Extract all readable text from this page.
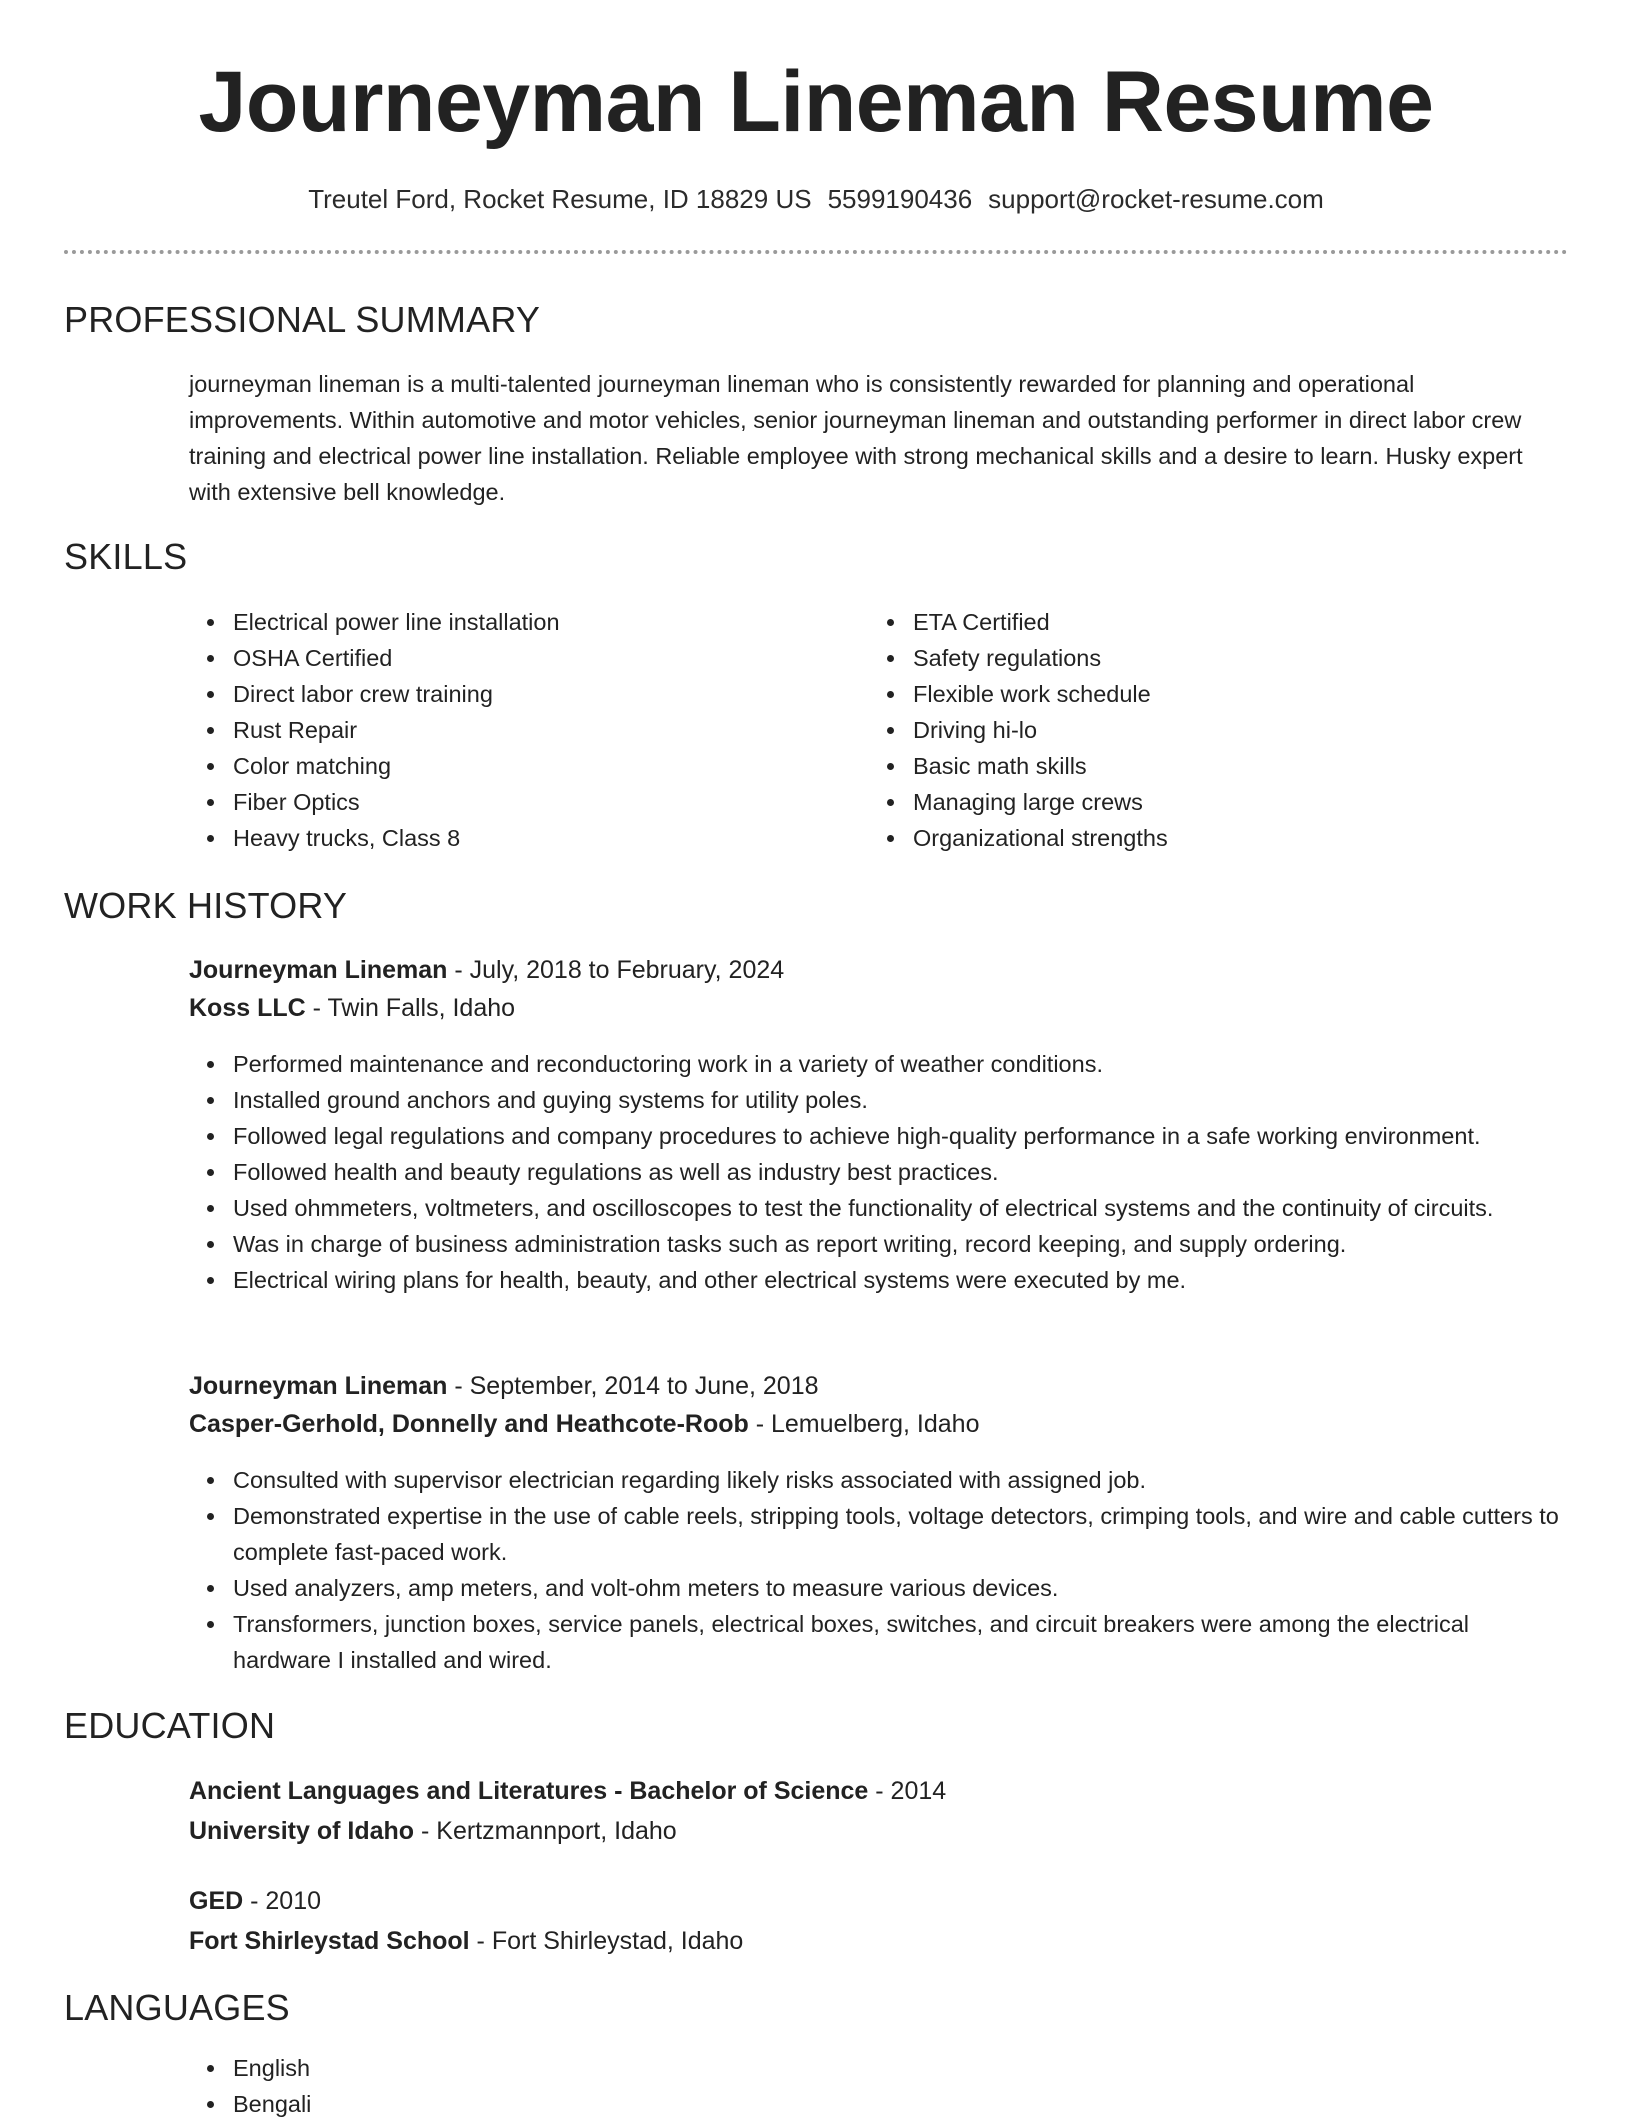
Journeyman Lineman Resume
Treutel Ford, Rocket Resume, ID 18829 US 5599190436 support@rocket-resume.com
PROFESSIONAL SUMMARY

journeyman lineman is a multi-talented journeyman lineman who is consistently rewarded for planning and operational improvements. Within automotive and motor vehicles, senior journeyman lineman and outstanding performer in direct labor crew training and electrical power line installation. Reliable employee with strong mechanical skills and a desire to learn. Husky expert with extensive bell knowledge.

SKILLS
Electrical power line installation
OSHA Certified
Direct labor crew training
Rust Repair
Color matching
Fiber Optics
Heavy trucks, Class 8
ETA Certified
Safety regulations
Flexible work schedule
Driving hi-lo
Basic math skills
Managing large crews
Organizational strengths
WORK HISTORY
Journeyman Lineman - July, 2018 to February, 2024
Koss LLC - Twin Falls, Idaho
Performed maintenance and reconductoring work in a variety of weather conditions.
Installed ground anchors and guying systems for utility poles.
Followed legal regulations and company procedures to achieve high-quality performance in a safe working environment.
Followed health and beauty regulations as well as industry best practices.
Used ohmmeters, voltmeters, and oscilloscopes to test the functionality of electrical systems and the continuity of circuits.
Was in charge of business administration tasks such as report writing, record keeping, and supply ordering.
Electrical wiring plans for health, beauty, and other electrical systems were executed by me.
Journeyman Lineman - September, 2014 to June, 2018
Casper-Gerhold, Donnelly and Heathcote-Roob - Lemuelberg, Idaho
Consulted with supervisor electrician regarding likely risks associated with assigned job.
Demonstrated expertise in the use of cable reels, stripping tools, voltage detectors, crimping tools, and wire and cable cutters to complete fast-paced work.
Used analyzers, amp meters, and volt-ohm meters to measure various devices.
Transformers, junction boxes, service panels, electrical boxes, switches, and circuit breakers were among the electrical hardware I installed and wired.
EDUCATION
Ancient Languages and Literatures - Bachelor of Science - 2014
University of Idaho - Kertzmannport, Idaho
GED - 2010
Fort Shirleystad School - Fort Shirleystad, Idaho
LANGUAGES
English
Bengali
